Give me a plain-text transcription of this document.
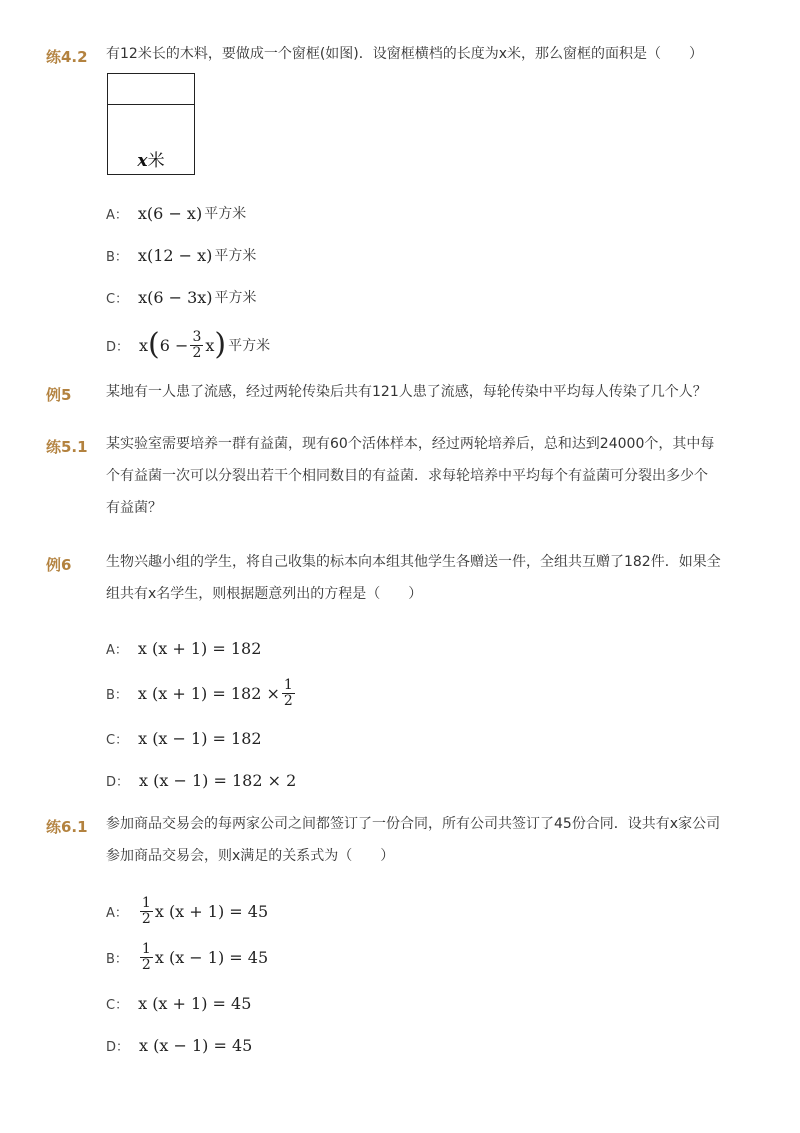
练4.2 有12米长的木料，要做成一个窗框(如图)．设窗框横档的长度为x米，那么窗框的面积是（　　）
x米
A： x(6 − x) 平方米
B： x(12 − x) 平方米
C： x(6 − 3x) 平方米
D： x ( $6 - \frac{3}{2}$ x ) 平方米
例5 某地有一人患了流感，经过两轮传染后共有121人患了流感，每轮传染中平均每人传染了几个人？
练5.1 某实验室需要培养一群有益菌，现有60个活体样本，经过两轮培养后，总和达到24000个，其中每个有益菌一次可以分裂出若干个相同数目的有益菌．求每轮培养中平均每个有益菌可分裂出多少个有益菌？
例6 生物兴趣小组的学生，将自己收集的标本向本组其他学生各赠送一件，全组共互赠了182件．如果全组共有x名学生，则根据题意列出的方程是（　　）
A： x (x + 1) = 182
B： x $(x + 1) = 182 \times \frac{1}{2}$
C： x (x − 1) = 182
D： x (x − 1) = 182 × 2
练6.1 参加商品交易会的每两家公司之间都签订了一份合同，所有公司共签订了45份合同．设共有x家公司参加商品交易会，则x满足的关系式为（　　）
A： $\frac{1}{2}$ x (x + 1) = 45
B： $\frac{1}{2}$ x (x − 1) = 45
C： x (x + 1) = 45
D： x (x − 1) = 45
